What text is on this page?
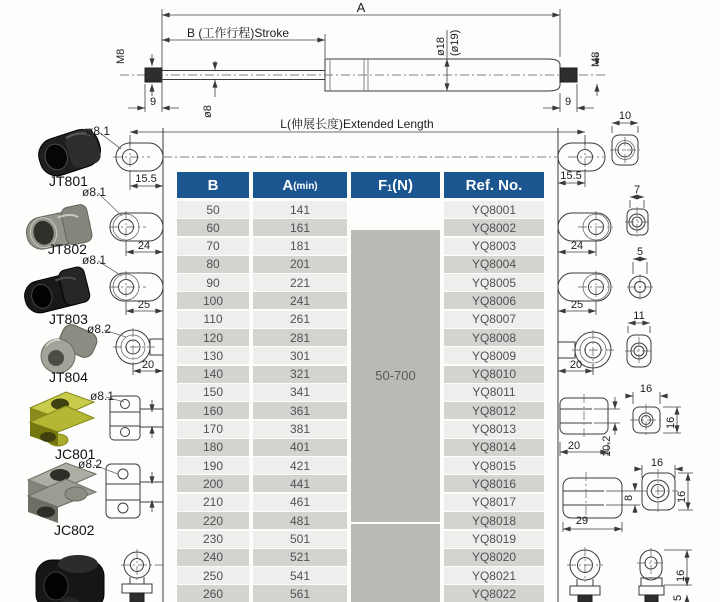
A
B (工作行程)Stroke
M8	M8
9	9
ø8
ø18 (ø19)
L(伸展长度)Extended Length
15.5	15.5
10
ø8.1
JT801
ø8.1
JT802
ø8.1
JT803
ø8.2
JT804
ø8.1
JC801
ø8.2
JC802
24
25
20
24
7
25
5
20
11
20 10.2
16
16
29
8
16
16
16
5
B	A (min)	F 1 (N)	Ref. No.
50-700
50	141	YQ8001
60	161	YQ8002
70	181	YQ8003
80	201	YQ8004
90	221	YQ8005
100	241	YQ8006
110	261	YQ8007
120	281	YQ8008
130	301	YQ8009
140	321	YQ8010
150	341	YQ8011
160	361	YQ8012
170	381	YQ8013
180	401	YQ8014
190	421	YQ8015
200	441	YQ8016
210	461	YQ8017
220	481	YQ8018
230	501	YQ8019
240	521	YQ8020
250	541	YQ8021
260	561	YQ8022
